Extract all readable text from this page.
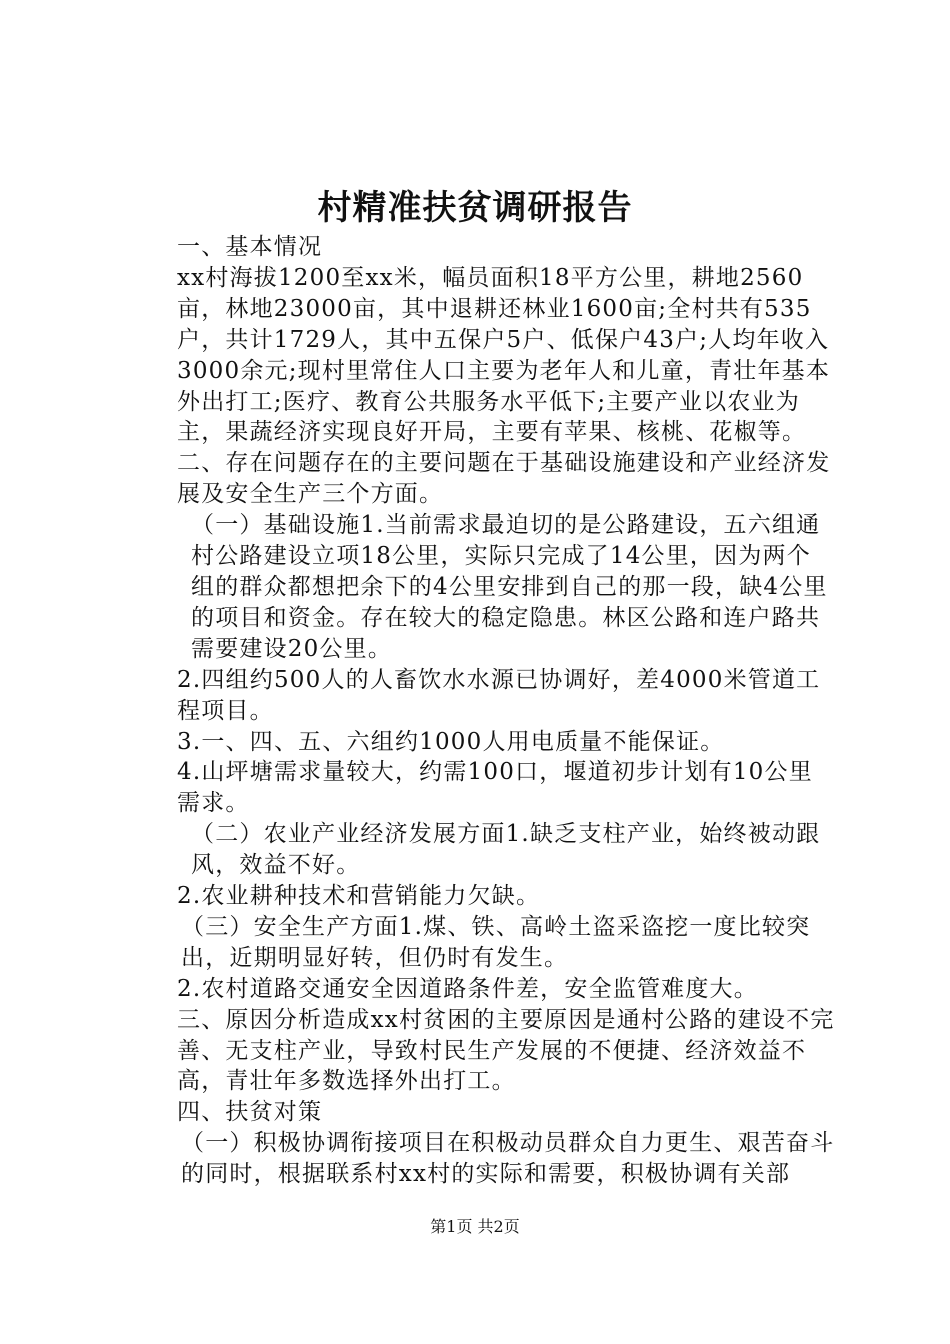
村精准扶贫调研报告

一、基本情况

xx村海拔1200至xx米，幅员面积18平方公里，耕地2560亩，林地23000亩，其中退耕还林业1600亩;全村共有535户，共计1729人，其中五保户5户、低保户43户;人均年收入3000余元;现村里常住人口主要为老年人和儿童，青壮年基本外出打工;医疗、教育公共服务水平低下;主要产业以农业为主，果蔬经济实现良好开局，主要有苹果、核桃、花椒等。

二、存在问题存在的主要问题在于基础设施建设和产业经济发展及安全生产三个方面。

（一）基础设施1.当前需求最迫切的是公路建设，五六组通村公路建设立项18公里，实际只完成了14公里，因为两个组的群众都想把余下的4公里安排到自己的那一段，缺4公里的项目和资金。存在较大的稳定隐患。林区公路和连户路共需要建设20公里。

2.四组约500人的人畜饮水水源已协调好，差4000米管道工程项目。

3.一、四、五、六组约1000人用电质量不能保证。

4.山坪塘需求量较大，约需100口，堰道初步计划有10公里需求。

（二）农业产业经济发展方面1.缺乏支柱产业，始终被动跟风，效益不好。

2.农业耕种技术和营销能力欠缺。

（三）安全生产方面1.煤、铁、高岭土盗采盗挖一度比较突出，近期明显好转，但仍时有发生。

2.农村道路交通安全因道路条件差，安全监管难度大。

三、原因分析造成xx村贫困的主要原因是通村公路的建设不完善、无支柱产业，导致村民生产发展的不便捷、经济效益不高，青壮年多数选择外出打工。

四、扶贫对策

（一）积极协调衔接项目在积极动员群众自力更生、艰苦奋斗的同时，根据联系村xx村的实际和需要，积极协调有关部

第1页 共2页
